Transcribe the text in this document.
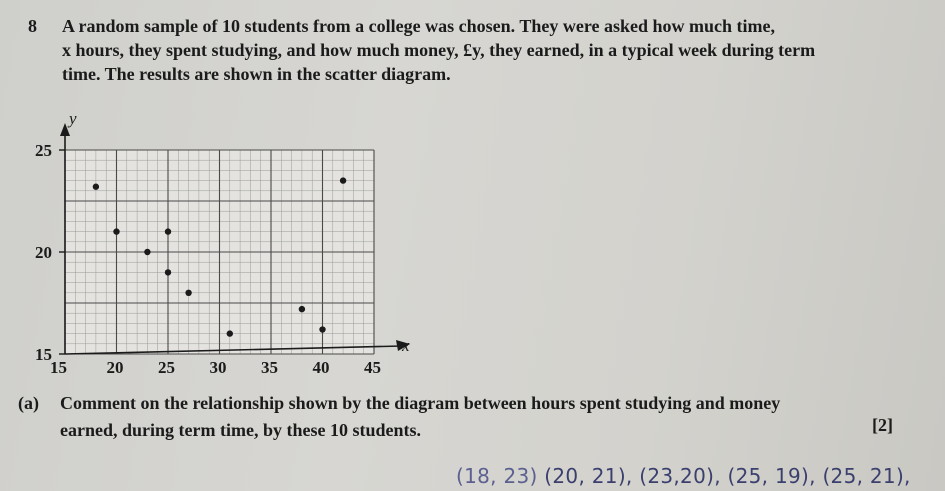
8 A random sample of 10 students from a college was chosen. They were asked how much time,
x hours, they spent studying, and how much money, £y, they earned, in a typical week during term
time. The results are shown in the scatter diagram.
y
x
15
20
25
15 20 25 30 35 40 45
(a) Comment on the relationship shown by the diagram between hours spent studying and money
earned, during term time, by these 10 students.	[2]
(18, 23) (20, 21), (23,20), (25, 19), (25, 21),
